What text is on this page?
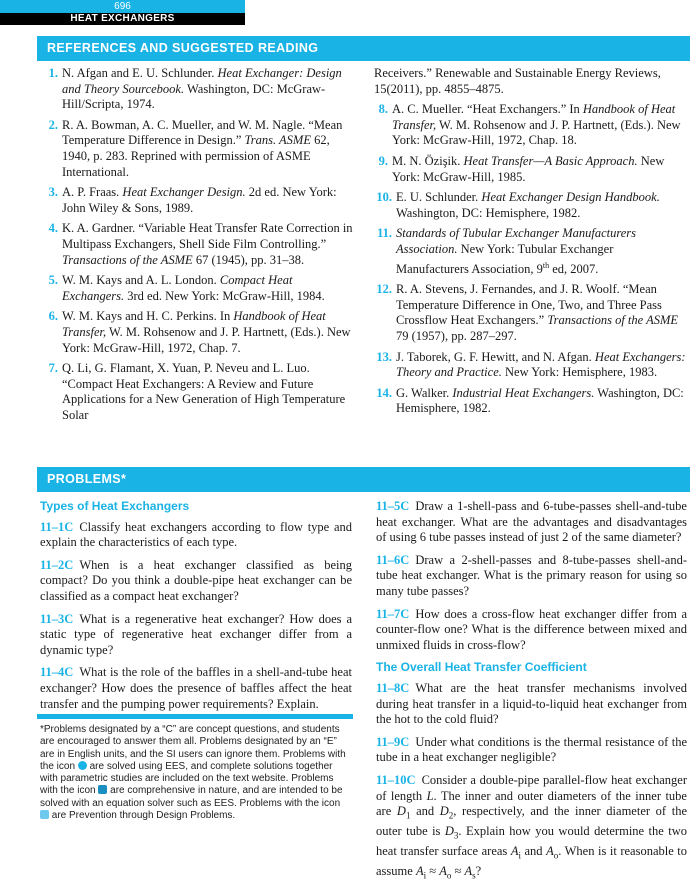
696
HEAT EXCHANGERS
REFERENCES AND SUGGESTED READING
1. N. Afgan and E. U. Schlunder. Heat Exchanger: Design and Theory Sourcebook. Washington, DC: McGraw-Hill/Scripta, 1974.
2. R. A. Bowman, A. C. Mueller, and W. M. Nagle. “Mean Temperature Difference in Design.” Trans. ASME 62, 1940, p. 283. Reprined with permission of ASME International.
3. A. P. Fraas. Heat Exchanger Design. 2d ed. New York: John Wiley & Sons, 1989.
4. K. A. Gardner. “Variable Heat Transfer Rate Correction in Multipass Exchangers, Shell Side Film Controlling.” Transactions of the ASME 67 (1945), pp. 31–38.
5. W. M. Kays and A. L. London. Compact Heat Exchangers. 3rd ed. New York: McGraw-Hill, 1984.
6. W. M. Kays and H. C. Perkins. In Handbook of Heat Transfer, W. M. Rohsenow and J. P. Hartnett, (Eds.). New York: McGraw-Hill, 1972, Chap. 7.
7. Q. Li, G. Flamant, X. Yuan, P. Neveu and L. Luo. “Compact Heat Exchangers: A Review and Future Applications for a New Generation of High Temperature Solar
Receivers.” Renewable and Sustainable Energy Reviews, 15(2011), pp. 4855–4875.
8. A. C. Mueller. “Heat Exchangers.” In Handbook of Heat Transfer, W. M. Rohsenow and J. P. Hartnett, (Eds.). New York: McGraw-Hill, 1972, Chap. 18.
9. M. N. Özişik. Heat Transfer—A Basic Approach. New York: McGraw-Hill, 1985.
10. E. U. Schlunder. Heat Exchanger Design Handbook. Washington, DC: Hemisphere, 1982.
11. Standards of Tubular Exchanger Manufacturers Association. New York: Tubular Exchanger Manufacturers Association, 9th ed, 2007.
12. R. A. Stevens, J. Fernandes, and J. R. Woolf. “Mean Temperature Difference in One, Two, and Three Pass Crossflow Heat Exchangers.” Transactions of the ASME 79 (1957), pp. 287–297.
13. J. Taborek, G. F. Hewitt, and N. Afgan. Heat Exchangers: Theory and Practice. New York: Hemisphere, 1983.
14. G. Walker. Industrial Heat Exchangers. Washington, DC: Hemisphere, 1982.
PROBLEMS*
Types of Heat Exchangers
11–1C Classify heat exchangers according to flow type and explain the characteristics of each type.
11–2C When is a heat exchanger classified as being compact? Do you think a double-pipe heat exchanger can be classified as a compact heat exchanger?
11–3C What is a regenerative heat exchanger? How does a static type of regenerative heat exchanger differ from a dynamic type?
11–4C What is the role of the baffles in a shell-and-tube heat exchanger? How does the presence of baffles affect the heat transfer and the pumping power requirements? Explain.
11–5C Draw a 1-shell-pass and 6-tube-passes shell-and-tube heat exchanger. What are the advantages and disadvantages of using 6 tube passes instead of just 2 of the same diameter?
11–6C Draw a 2-shell-passes and 8-tube-passes shell-and-tube heat exchanger. What is the primary reason for using so many tube passes?
11–7C How does a cross-flow heat exchanger differ from a counter-flow one? What is the difference between mixed and unmixed fluids in cross-flow?
The Overall Heat Transfer Coefficient
11–8C What are the heat transfer mechanisms involved during heat transfer in a liquid-to-liquid heat exchanger from the hot to the cold fluid?
11–9C Under what conditions is the thermal resistance of the tube in a heat exchanger negligible?
11–10C Consider a double-pipe parallel-flow heat exchanger of length L. The inner and outer diameters of the inner tube are $D_1$ and $D_2$, respectively, and the inner diameter of the outer tube is $D_3$. Explain how you would determine the two heat transfer surface areas $A_i$ and $A_o$. When is it reasonable to assume $A_i \approx A_o \approx A_s$?
*Problems designated by a “C” are concept questions, and students are encouraged to answer them all. Problems designated by an “E” are in English units, and the SI users can ignore them. Problems with the icon  are solved using EES, and complete solutions together with parametric studies are included on the text website. Problems with the icon  are comprehensive in nature, and are intended to be solved with an equation solver such as EES. Problems with the icon  are Prevention through Design Problems.
